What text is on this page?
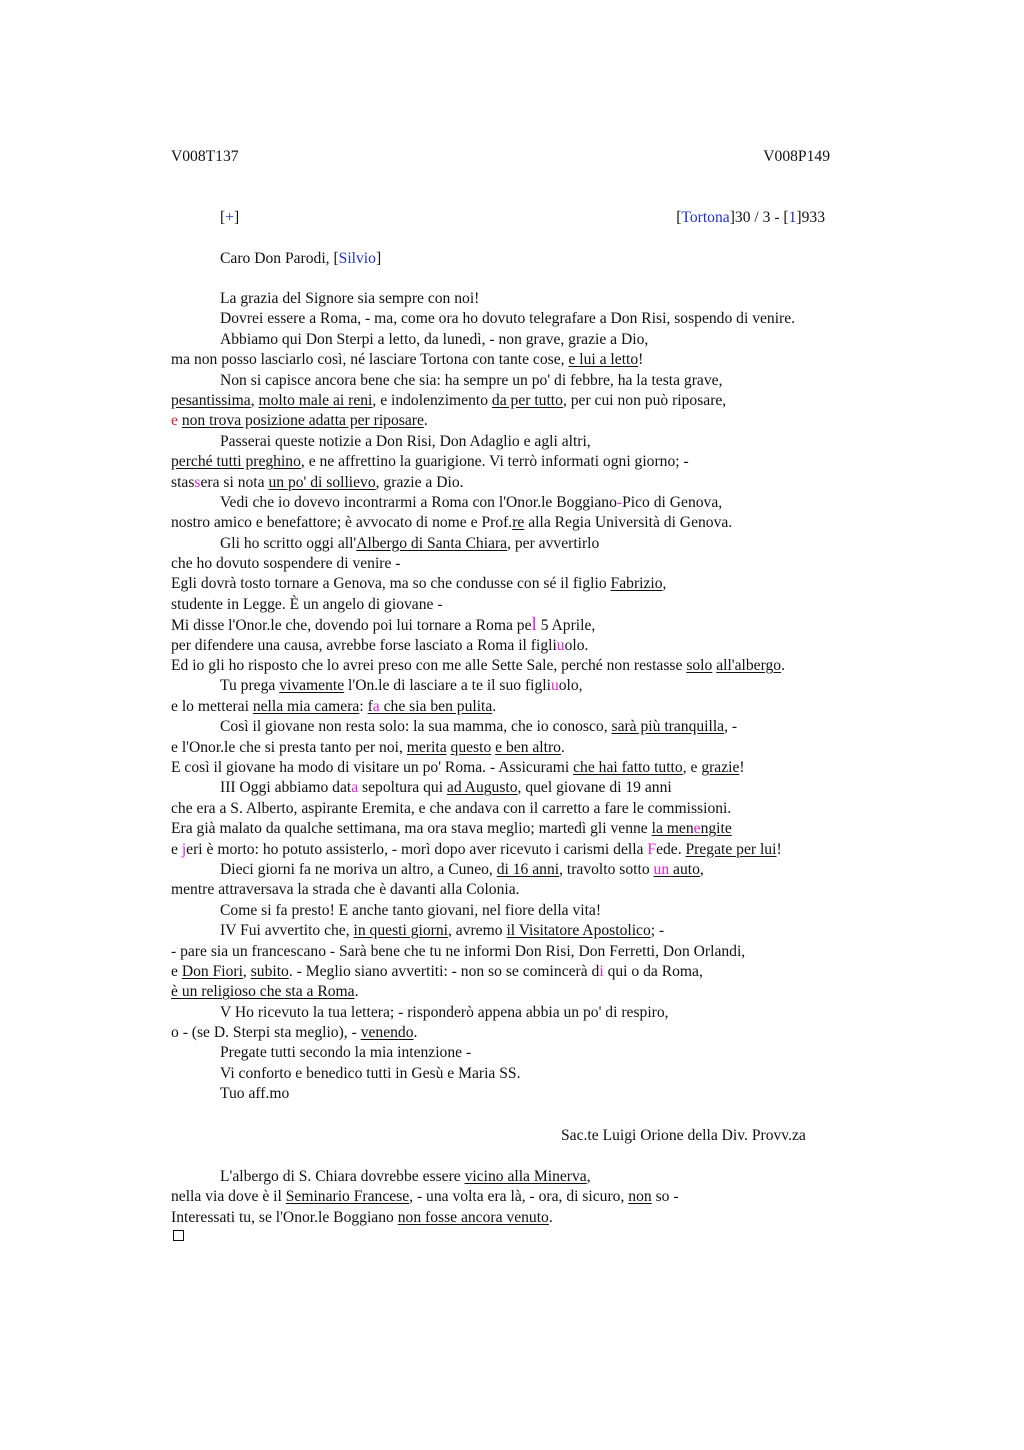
V008T137	V008P149
[+]	[Tortona]30 / 3 - [1]933
Caro Don Parodi, [Silvio]
La grazia del Signore sia sempre con noi!
Dovrei essere a Roma, - ma, come ora ho dovuto telegrafare a Don Risi, sospendo di venire.
Abbiamo qui Don Sterpi a letto, da lunedì, - non grave, grazie a Dio,
ma non posso lasciarlo così, né lasciare Tortona con tante cose, e lui a letto!
Non si capisce ancora bene che sia: ha sempre un po' di febbre, ha la testa grave,
pesantissima, molto male ai reni, e indolenzimento da per tutto, per cui non può riposare,
e non trova posizione adatta per riposare.
Passerai queste notizie a Don Risi, Don Adaglio e agli altri,
perché tutti preghino, e ne affrettino la guarigione. Vi terrò informati ogni giorno; -
stassera si nota un po' di sollievo, grazie a Dio.
Vedi che io dovevo incontrarmi a Roma con l'Onor.le Boggiano-Pico di Genova,
nostro amico e benefattore; è avvocato di nome e Prof.re alla Regia Università di Genova.
Gli ho scritto oggi all'Albergo di Santa Chiara, per avvertirlo
che ho dovuto sospendere di venire -
Egli dovrà tosto tornare a Genova, ma so che condusse con sé il figlio Fabrizio,
studente in Legge. È un angelo di giovane -
Mi disse l'Onor.le che, dovendo poi lui tornare a Roma pel 5 Aprile,
per difendere una causa, avrebbe forse lasciato a Roma il figliuolo.
Ed io gli ho risposto che lo avrei preso con me alle Sette Sale, perché non restasse solo all'albergo.
Tu prega vivamente l'On.le di lasciare a te il suo figliuolo,
e lo metterai nella mia camera: fa che sia ben pulita.
Così il giovane non resta solo: la sua mamma, che io conosco, sarà più tranquilla, -
e l'Onor.le che si presta tanto per noi, merita questo e ben altro.
E così il giovane ha modo di visitare un po' Roma. - Assicurami che hai fatto tutto, e grazie!
III Oggi abbiamo data sepoltura qui ad Augusto, quel giovane di 19 anni
che era a S. Alberto, aspirante Eremita, e che andava con il carretto a fare le commissioni.
Era già malato da qualche settimana, ma ora stava meglio; martedì gli venne la menengite
e jeri è morto: ho potuto assisterlo, - morì dopo aver ricevuto i carismi della Fede. Pregate per lui!
Dieci giorni fa ne moriva un altro, a Cuneo, di 16 anni, travolto sotto un auto,
mentre attraversava la strada che è davanti alla Colonia.
Come si fa presto! E anche tanto giovani, nel fiore della vita!
IV Fui avvertito che, in questi giorni, avremo il Visitatore Apostolico; -
- pare sia un francescano - Sarà bene che tu ne informi Don Risi, Don Ferretti, Don Orlandi,
e Don Fiori, subito. - Meglio siano avvertiti: - non so se comincerà di qui o da Roma,
è un religioso che sta a Roma.
V Ho ricevuto la tua lettera; - risponderò appena abbia un po' di respiro,
o - (se D. Sterpi sta meglio), - venendo.
Pregate tutti secondo la mia intenzione -
Vi conforto e benedico tutti in Gesù e Maria SS.
Tuo aff.mo
Sac.te Luigi Orione della Div. Provv.za
L'albergo di S. Chiara dovrebbe essere vicino alla Minerva,
nella via dove è il Seminario Francese, - una volta era là, - ora, di sicuro, non so -
Interessati tu, se l'Onor.le Boggiano non fosse ancora venuto.
